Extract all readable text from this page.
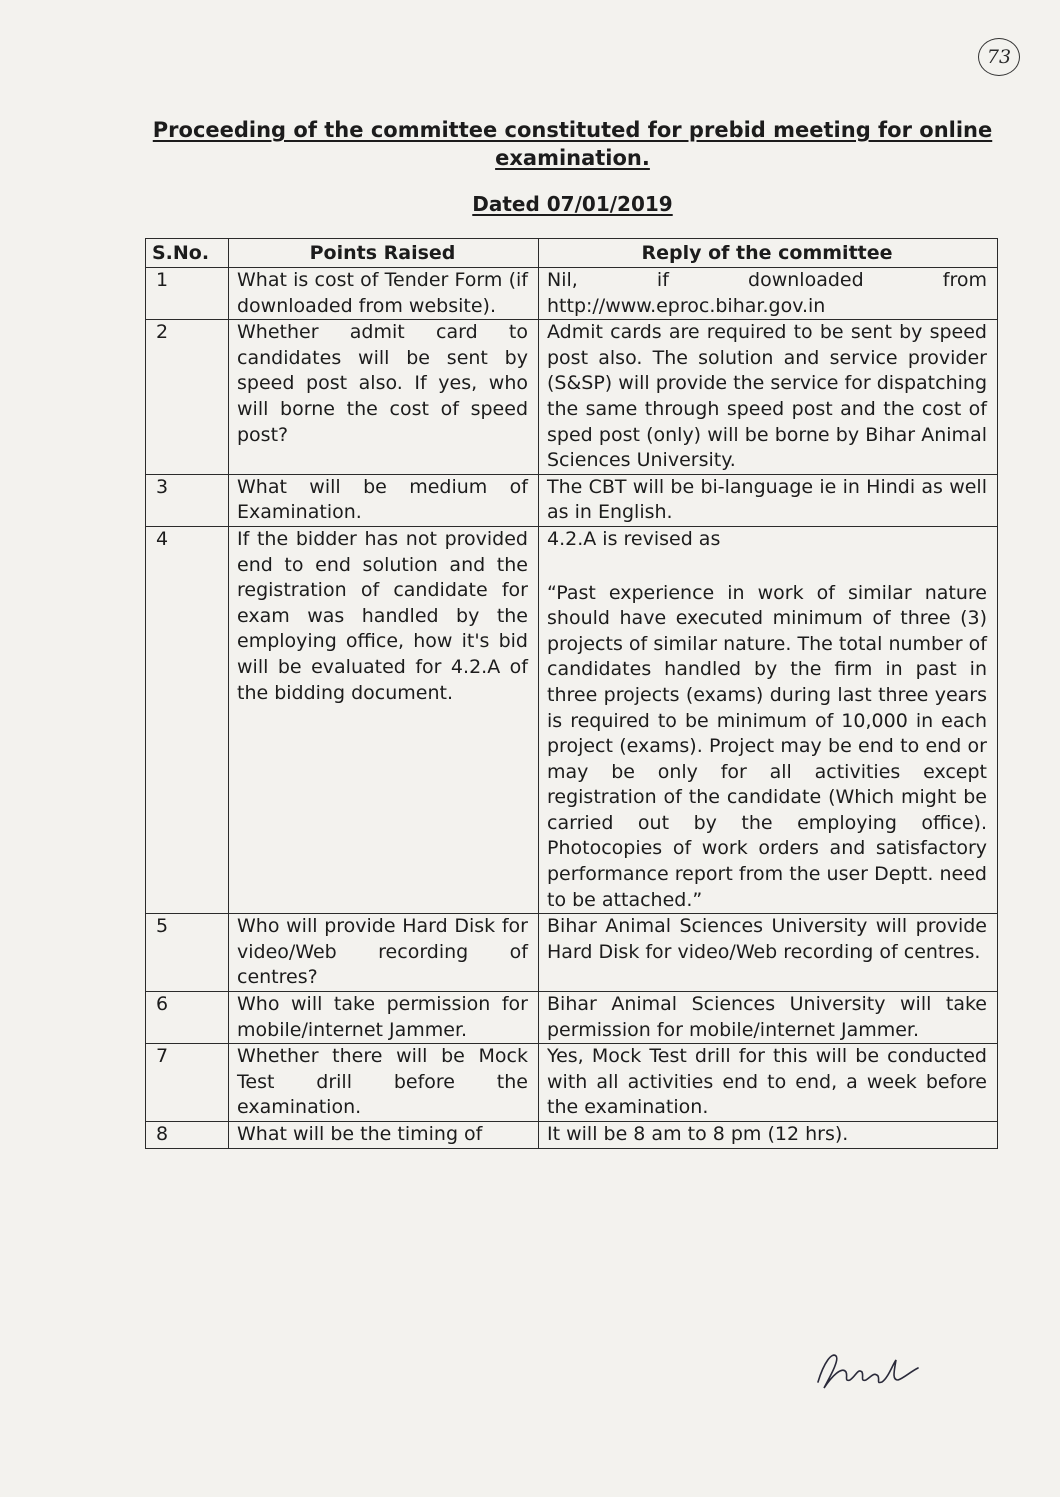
73
Proceeding of the committee constituted for prebid meeting for online examination.
Dated 07/01/2019
S.No.	Points Raised	Reply of the committee
1	What is cost of Tender Form (if downloaded from website).	Nil, if downloaded from http://www.eproc.bihar.gov.in

2	Whether admit card to candidates will be sent by speed post also. If yes, who will borne the cost of speed post?	Admit cards are required to be sent by speed post also. The solution and service provider (S&SP) will provide the service for dispatching the same through speed post and the cost of sped post (only) will be borne by Bihar Animal Sciences University.

3	What will be medium of Examination.	The CBT will be bi-language ie in Hindi as well as in English.

4	If the bidder has not provided end to end solution and the registration of candidate for exam was handled by the employing office, how it's bid will be evaluated for 4.2.A of the bidding document.	4.2.A is revised as
“Past experience in work of similar nature should have executed minimum of three (3) projects of similar nature. The total number of candidates handled by the firm in past in three projects (exams) during last three years is required to be minimum of 10,000 in each project (exams). Project may be end to end or may be only for all activities except registration of the candidate (Which might be carried out by the employing office). Photocopies of work orders and satisfactory performance report from the user Deptt. need to be attached.”

5	Who will provide Hard Disk for video/Web recording of centres?	Bihar Animal Sciences University will provide Hard Disk for video/Web recording of centres.

6	Who will take permission for mobile/internet Jammer.	Bihar Animal Sciences University will take permission for mobile/internet Jammer.

7	Whether there will be Mock Test drill before the examination.	Yes, Mock Test drill for this will be conducted with all activities end to end, a week before the examination.

8	What will be the timing of	It will be 8 am to 8 pm (12 hrs).
